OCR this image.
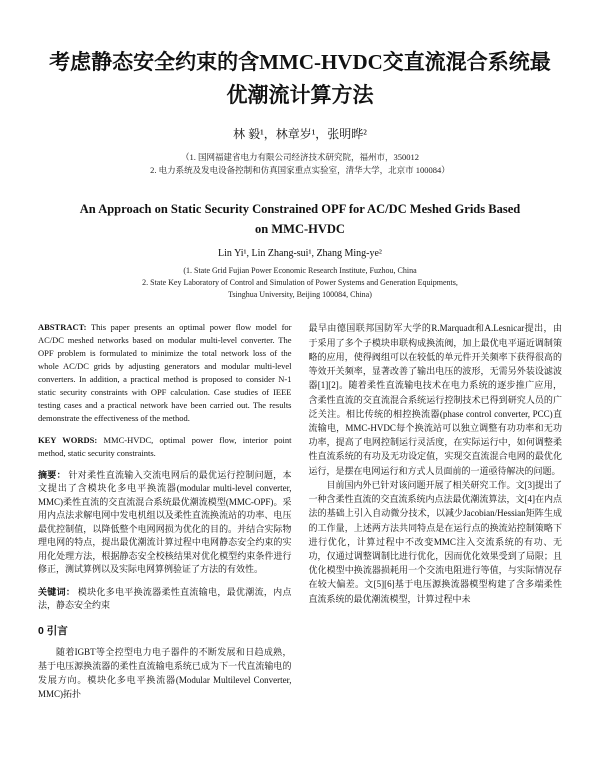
考虑静态安全约束的含MMC-HVDC交直流混合系统最优潮流计算方法
林 毅¹，林章岁¹，张明晔²
（1. 国网福建省电力有限公司经济技术研究院，福州市，350012
2. 电力系统及发电设备控制和仿真国家重点实验室，清华大学，北京市 100084）
An Approach on Static Security Constrained OPF for AC/DC Meshed Grids Based on MMC-HVDC
Lin Yi¹, Lin Zhang-sui¹, Zhang Ming-ye²
(1. State Grid Fujian Power Economic Research Institute, Fuzhou, China
2. State Key Laboratory of Control and Simulation of Power Systems and Generation Equipments,
Tsinghua University, Beijing 100084, China)

ABSTRACT: This paper presents an optimal power flow model for AC/DC meshed networks based on modular multi-level converter. The OPF problem is formulated to minimize the total network loss of the whole AC/DC grids by adjusting generators and modular multi-level converters. In addition, a practical method is proposed to consider N-1 static security constraints with OPF calculation. Case studies of IEEE testing cases and a practical network have been carried out. The results demonstrate the effectiveness of the method.

KEY WORDS: MMC-HVDC, optimal power flow, interior point method, static security constraints.

摘要： 针对柔性直流输入交流电网后的最优运行控制问题，本文提出了含模块化多电平换流器(modular multi-level converter, MMC)柔性直流的交直流混合系统最优潮流模型(MMC-OPF)。采用内点法求解电网中发电机组以及柔性直流换流站的功率、电压最优控制值，以降低整个电网网损为优化的目的。并结合实际物理电网的特点，提出最优潮流计算过程中电网静态安全约束的实用化处理方法，根据静态安全校核结果对优化模型约束条件进行修正，测试算例以及实际电网算例验证了方法的有效性。

关键词： 模块化多电平换流器柔性直流输电，最优潮流，内点法，静态安全约束

0 引言

随着IGBT等全控型电力电子器件的不断发展和日趋成熟，基于电压源换流器的柔性直流输电系统已成为下一代直流输电的发展方向。模块化多电平换流器(Modular Multilevel Converter, MMC)拓扑

最早由德国联邦国防军大学的R.Marquadt和A.Lesnicar提出，由于采用了多个子模块串联构成换流阀，加上最优电平逼近调制策略的应用，使得阀组可以在较低的单元件开关频率下获得很高的等效开关频率，显著改善了输出电压的波形，无需另外装设滤波器[1][2]。随着柔性直流输电技术在电力系统的逐步推广应用，含柔性直流的交直流混合系统运行控制技术已得到研究人员的广泛关注。相比传统的相控换流器(phase control converter, PCC)直流输电，MMC-HVDC每个换流站可以独立调整有功功率和无功功率，提高了电网控制运行灵活度，在实际运行中，如何调整柔性直流系统的有功及无功设定值，实现交直流混合电网的最优化运行，是摆在电网运行和方式人员面前的一道亟待解决的问题。

目前国内外已针对该问题开展了相关研究工作。文[3]提出了一种含柔性直流的交直流系统内点法最优潮流算法，文[4]在内点法的基础上引入自动微分技术，以减少Jacobian/Hessian矩阵生成的工作量，上述两方法共同特点是在运行点的换流站控制策略下进行优化，计算过程中不改变MMC注入交流系统的有功、无功，仅通过调整调制比进行优化，因而优化效果受到了局限；且优化模型中换流器损耗用一个交流电阻进行等值，与实际情况存在较大偏差。文[5][6]基于电压源换流器模型构建了含多端柔性直流系统的最优潮流模型，计算过程中未
